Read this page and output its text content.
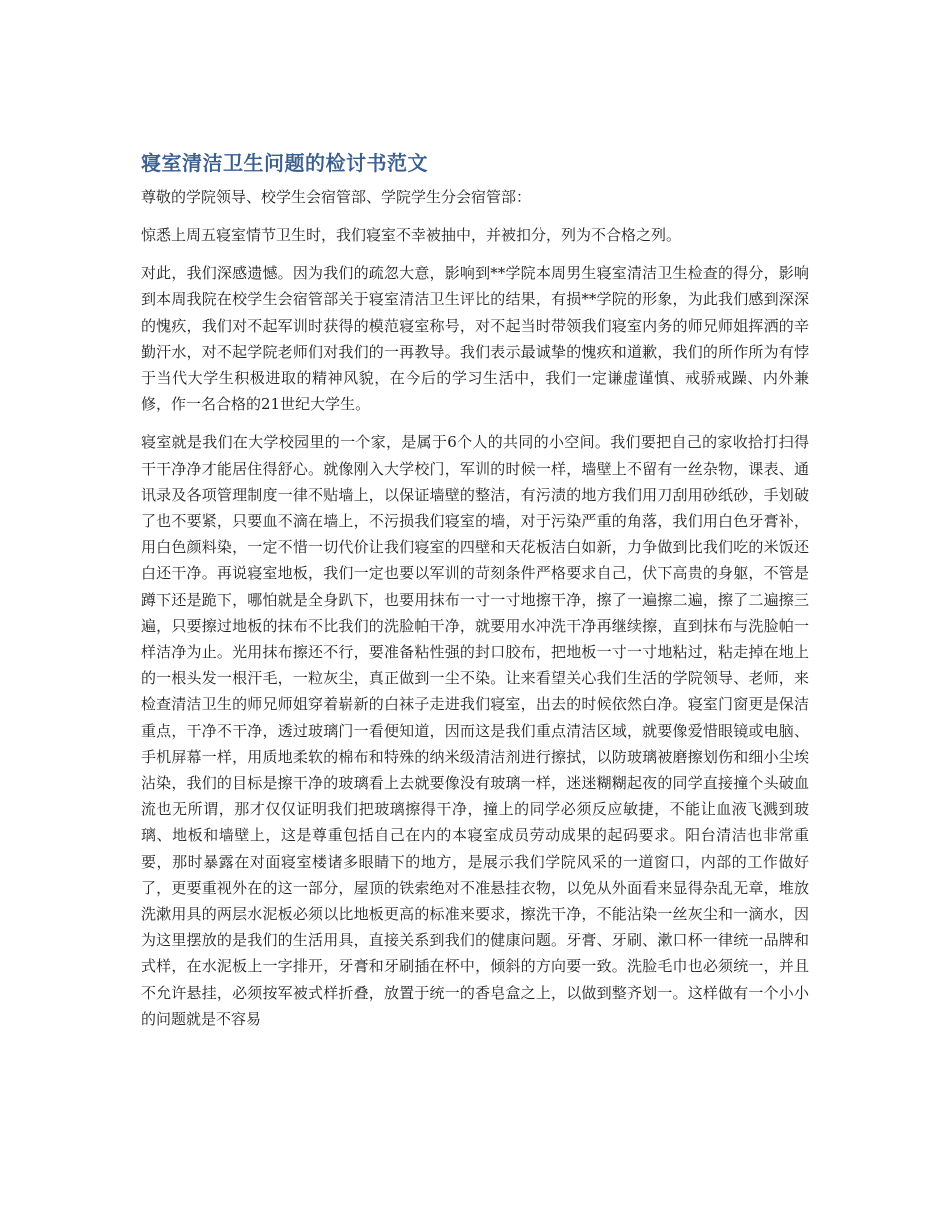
寝室清洁卫生问题的检讨书范文

尊敬的学院领导、校学生会宿管部、学院学生分会宿管部：

惊悉上周五寝室情节卫生时，我们寝室不幸被抽中，并被扣分，列为不合格之列。

对此，我们深感遗憾。因为我们的疏忽大意，影响到**学院本周男生寝室清洁卫生检查的得分，影响到本周我院在校学生会宿管部关于寝室清洁卫生评比的结果，有损**学院的形象，为此我们感到深深的愧疚，我们对不起军训时获得的模范寝室称号，对不起当时带领我们寝室内务的师兄师姐挥洒的辛勤汗水，对不起学院老师们对我们的一再教导。我们表示最诚挚的愧疚和道歉，我们的所作所为有悖于当代大学生积极进取的精神风貌，在今后的学习生活中，我们一定谦虚谨慎、戒骄戒躁、内外兼修，作一名合格的21世纪大学生。

寝室就是我们在大学校园里的一个家，是属于6个人的共同的小空间。我们要把自己的家收拾打扫得干干净净才能居住得舒心。就像刚入大学校门，军训的时候一样，墙壁上不留有一丝杂物，课表、通讯录及各项管理制度一律不贴墙上，以保证墙壁的整洁，有污渍的地方我们用刀刮用砂纸砂，手划破了也不要紧，只要血不滴在墙上，不污损我们寝室的墙，对于污染严重的角落，我们用白色牙膏补，用白色颜料染，一定不惜一切代价让我们寝室的四壁和天花板洁白如新，力争做到比我们吃的米饭还白还干净。再说寝室地板，我们一定也要以军训的苛刻条件严格要求自己，伏下高贵的身躯，不管是蹲下还是跪下，哪怕就是全身趴下，也要用抹布一寸一寸地擦干净，擦了一遍擦二遍，擦了二遍擦三遍，只要擦过地板的抹布不比我们的洗脸帕干净，就要用水冲洗干净再继续擦，直到抹布与洗脸帕一样洁净为止。光用抹布擦还不行，要准备粘性强的封口胶布，把地板一寸一寸地粘过，粘走掉在地上的一根头发一根汗毛，一粒灰尘，真正做到一尘不染。让来看望关心我们生活的学院领导、老师，来检查清洁卫生的师兄师姐穿着崭新的白袜子走进我们寝室，出去的时候依然白净。寝室门窗更是保洁重点，干净不干净，透过玻璃门一看便知道，因而这是我们重点清洁区域，就要像爱惜眼镜或电脑、手机屏幕一样，用质地柔软的棉布和特殊的纳米级清洁剂进行擦拭，以防玻璃被磨擦划伤和细小尘埃沾染，我们的目标是擦干净的玻璃看上去就要像没有玻璃一样，迷迷糊糊起夜的同学直接撞个头破血流也无所谓，那才仅仅证明我们把玻璃擦得干净，撞上的同学必须反应敏捷，不能让血液飞溅到玻璃、地板和墙壁上，这是尊重包括自己在内的本寝室成员劳动成果的起码要求。阳台清洁也非常重要，那时暴露在对面寝室楼诸多眼睛下的地方，是展示我们学院风采的一道窗口，内部的工作做好了，更要重视外在的这一部分，屋顶的铁索绝对不准悬挂衣物，以免从外面看来显得杂乱无章，堆放洗漱用具的两层水泥板必须以比地板更高的标准来要求，擦洗干净，不能沾染一丝灰尘和一滴水，因为这里摆放的是我们的生活用具，直接关系到我们的健康问题。牙膏、牙刷、漱口杯一律统一品牌和式样，在水泥板上一字排开，牙膏和牙刷插在杯中，倾斜的方向要一致。洗脸毛巾也必须统一，并且不允许悬挂，必须按军被式样折叠，放置于统一的香皂盒之上，以做到整齐划一。这样做有一个小小的问题就是不容易
